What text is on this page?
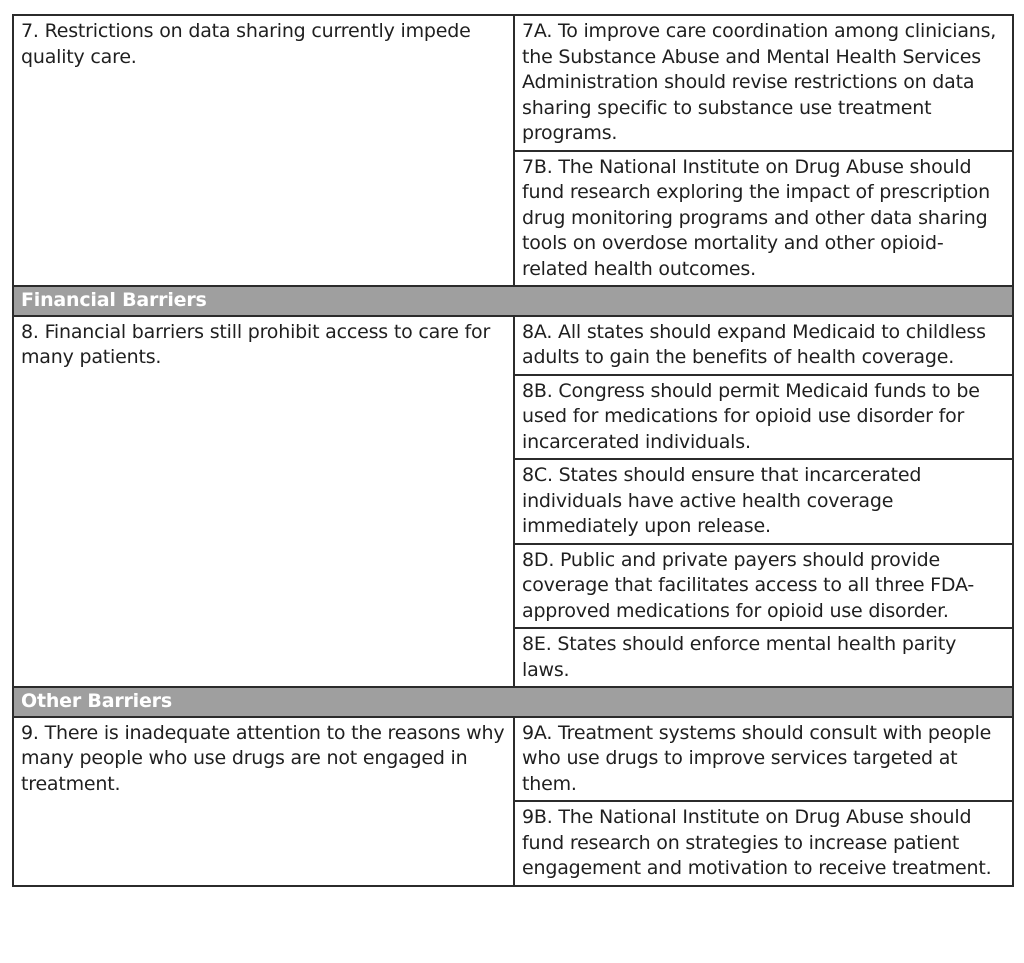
7. Restrictions on data sharing currently impede quality care.	7A. To improve care coordination among clinicians, the Substance Abuse and Mental Health Services Administration should revise restrictions on data sharing specific to substance use treatment programs.

	7B. The National Institute on Drug Abuse should fund research exploring the impact of prescription drug monitoring programs and other data sharing tools on overdose mortality and other opioid-related health outcomes.

Financial Barriers	

8. Financial barriers still prohibit access to care for many patients.	8A. All states should expand Medicaid to childless adults to gain the benefits of health coverage.

	8B. Congress should permit Medicaid funds to be used for medications for opioid use disorder for incarcerated individuals.

	8C. States should ensure that incarcerated individuals have active health coverage immediately upon release.

	8D. Public and private payers should provide coverage that facilitates access to all three FDA-approved medications for opioid use disorder.

	8E. States should enforce mental health parity laws.

Other Barriers	

9. There is inadequate attention to the reasons why many people who use drugs are not engaged in treatment.	9A. Treatment systems should consult with people who use drugs to improve services targeted at them.

	9B. The National Institute on Drug Abuse should fund research on strategies to increase patient engagement and motivation to receive treatment.
